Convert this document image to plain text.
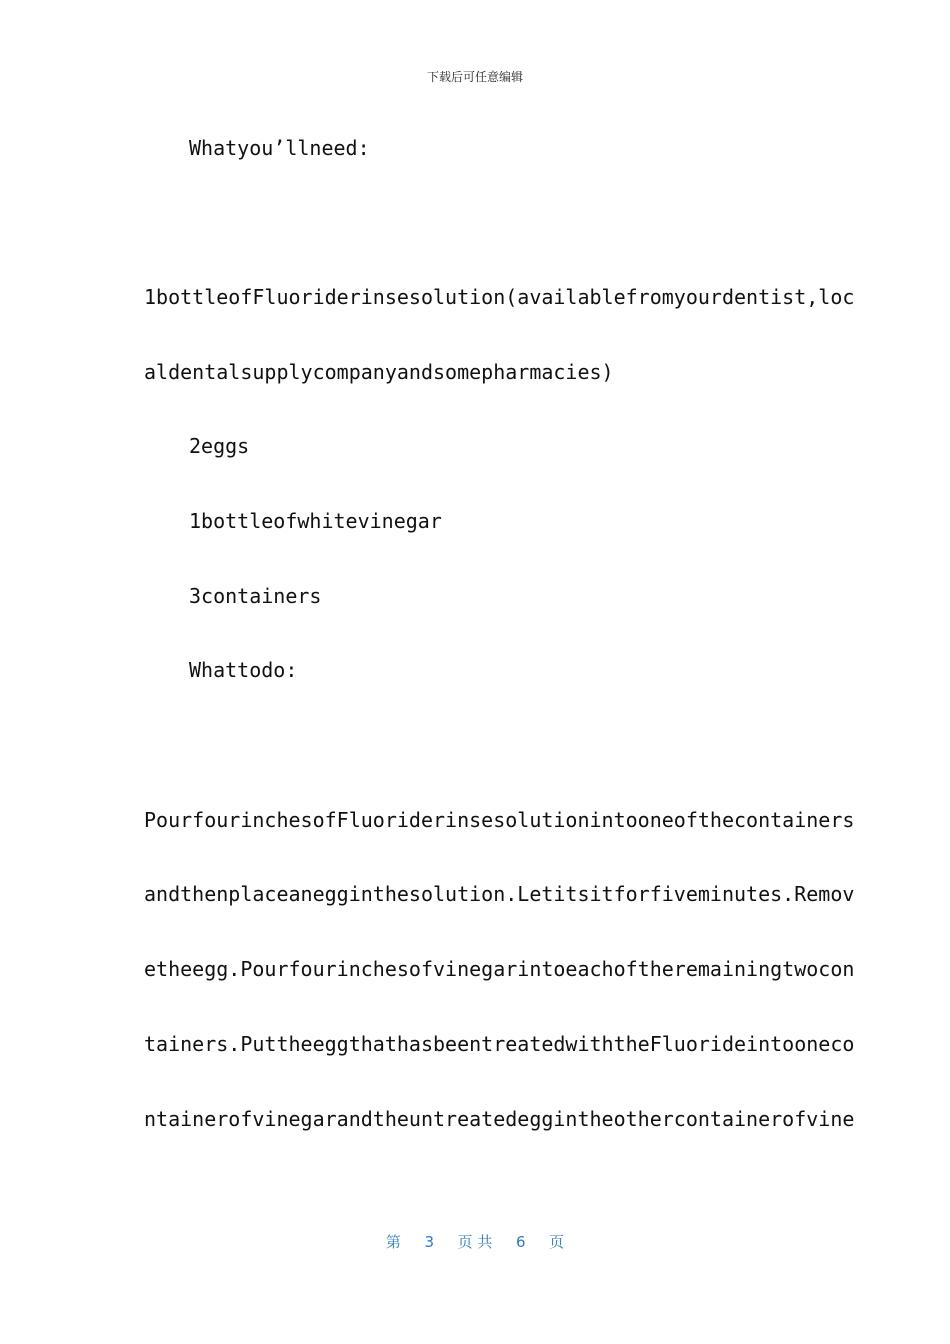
下载后可任意编辑
Whatyou’llneed:
1bottleofFluoriderinsesolution(availablefromyourdentist,loc
aldentalsupplycompanyandsomepharmacies)
2eggs
1bottleofwhitevinegar
3containers
Whattodo:
PourfourinchesofFluoriderinsesolutionintooneofthecontainers
andthenplaceanegginthesolution.Letitsitforfiveminutes.Remov
etheegg.Pourfourinchesofvinegarintoeachoftheremainingtwocon
tainers.PuttheeggthathasbeentreatedwiththeFluorideintooneco
ntainerofvinegarandtheuntreatedeggintheothercontainerofvine
第 3 页 共 6 页
